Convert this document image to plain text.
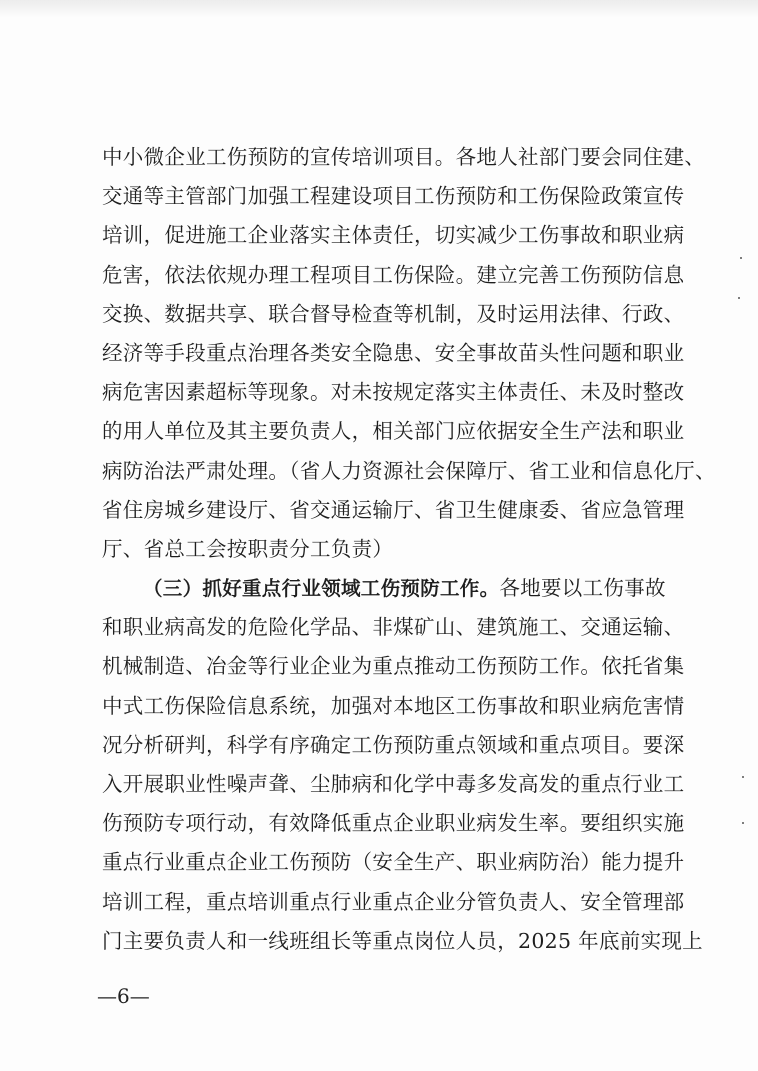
中小微企业工伤预防的宣传培训项目。各地人社部门要会同住建、
交通等主管部门加强工程建设项目工伤预防和工伤保险政策宣传
培训，促进施工企业落实主体责任，切实减少工伤事故和职业病
危害，依法依规办理工程项目工伤保险。建立完善工伤预防信息
交换、数据共享、联合督导检查等机制，及时运用法律、行政、
经济等手段重点治理各类安全隐患、安全事故苗头性问题和职业
病危害因素超标等现象。对未按规定落实主体责任、未及时整改
的用人单位及其主要负责人，相关部门应依据安全生产法和职业
病防治法严肃处理。（省人力资源社会保障厅、省工业和信息化厅、
省住房城乡建设厅、省交通运输厅、省卫生健康委、省应急管理
厅、省总工会按职责分工负责）
（三）抓好重点行业领域工伤预防工作。各地要以工伤事故
和职业病高发的危险化学品、非煤矿山、建筑施工、交通运输、
机械制造、冶金等行业企业为重点推动工伤预防工作。依托省集
中式工伤保险信息系统，加强对本地区工伤事故和职业病危害情
况分析研判，科学有序确定工伤预防重点领域和重点项目。要深
入开展职业性噪声聋、尘肺病和化学中毒多发高发的重点行业工
伤预防专项行动，有效降低重点企业职业病发生率。要组织实施
重点行业重点企业工伤预防（安全生产、职业病防治）能力提升
培训工程，重点培训重点行业重点企业分管负责人、安全管理部
门主要负责人和一线班组长等重点岗位人员，2025 年底前实现上
—6—
